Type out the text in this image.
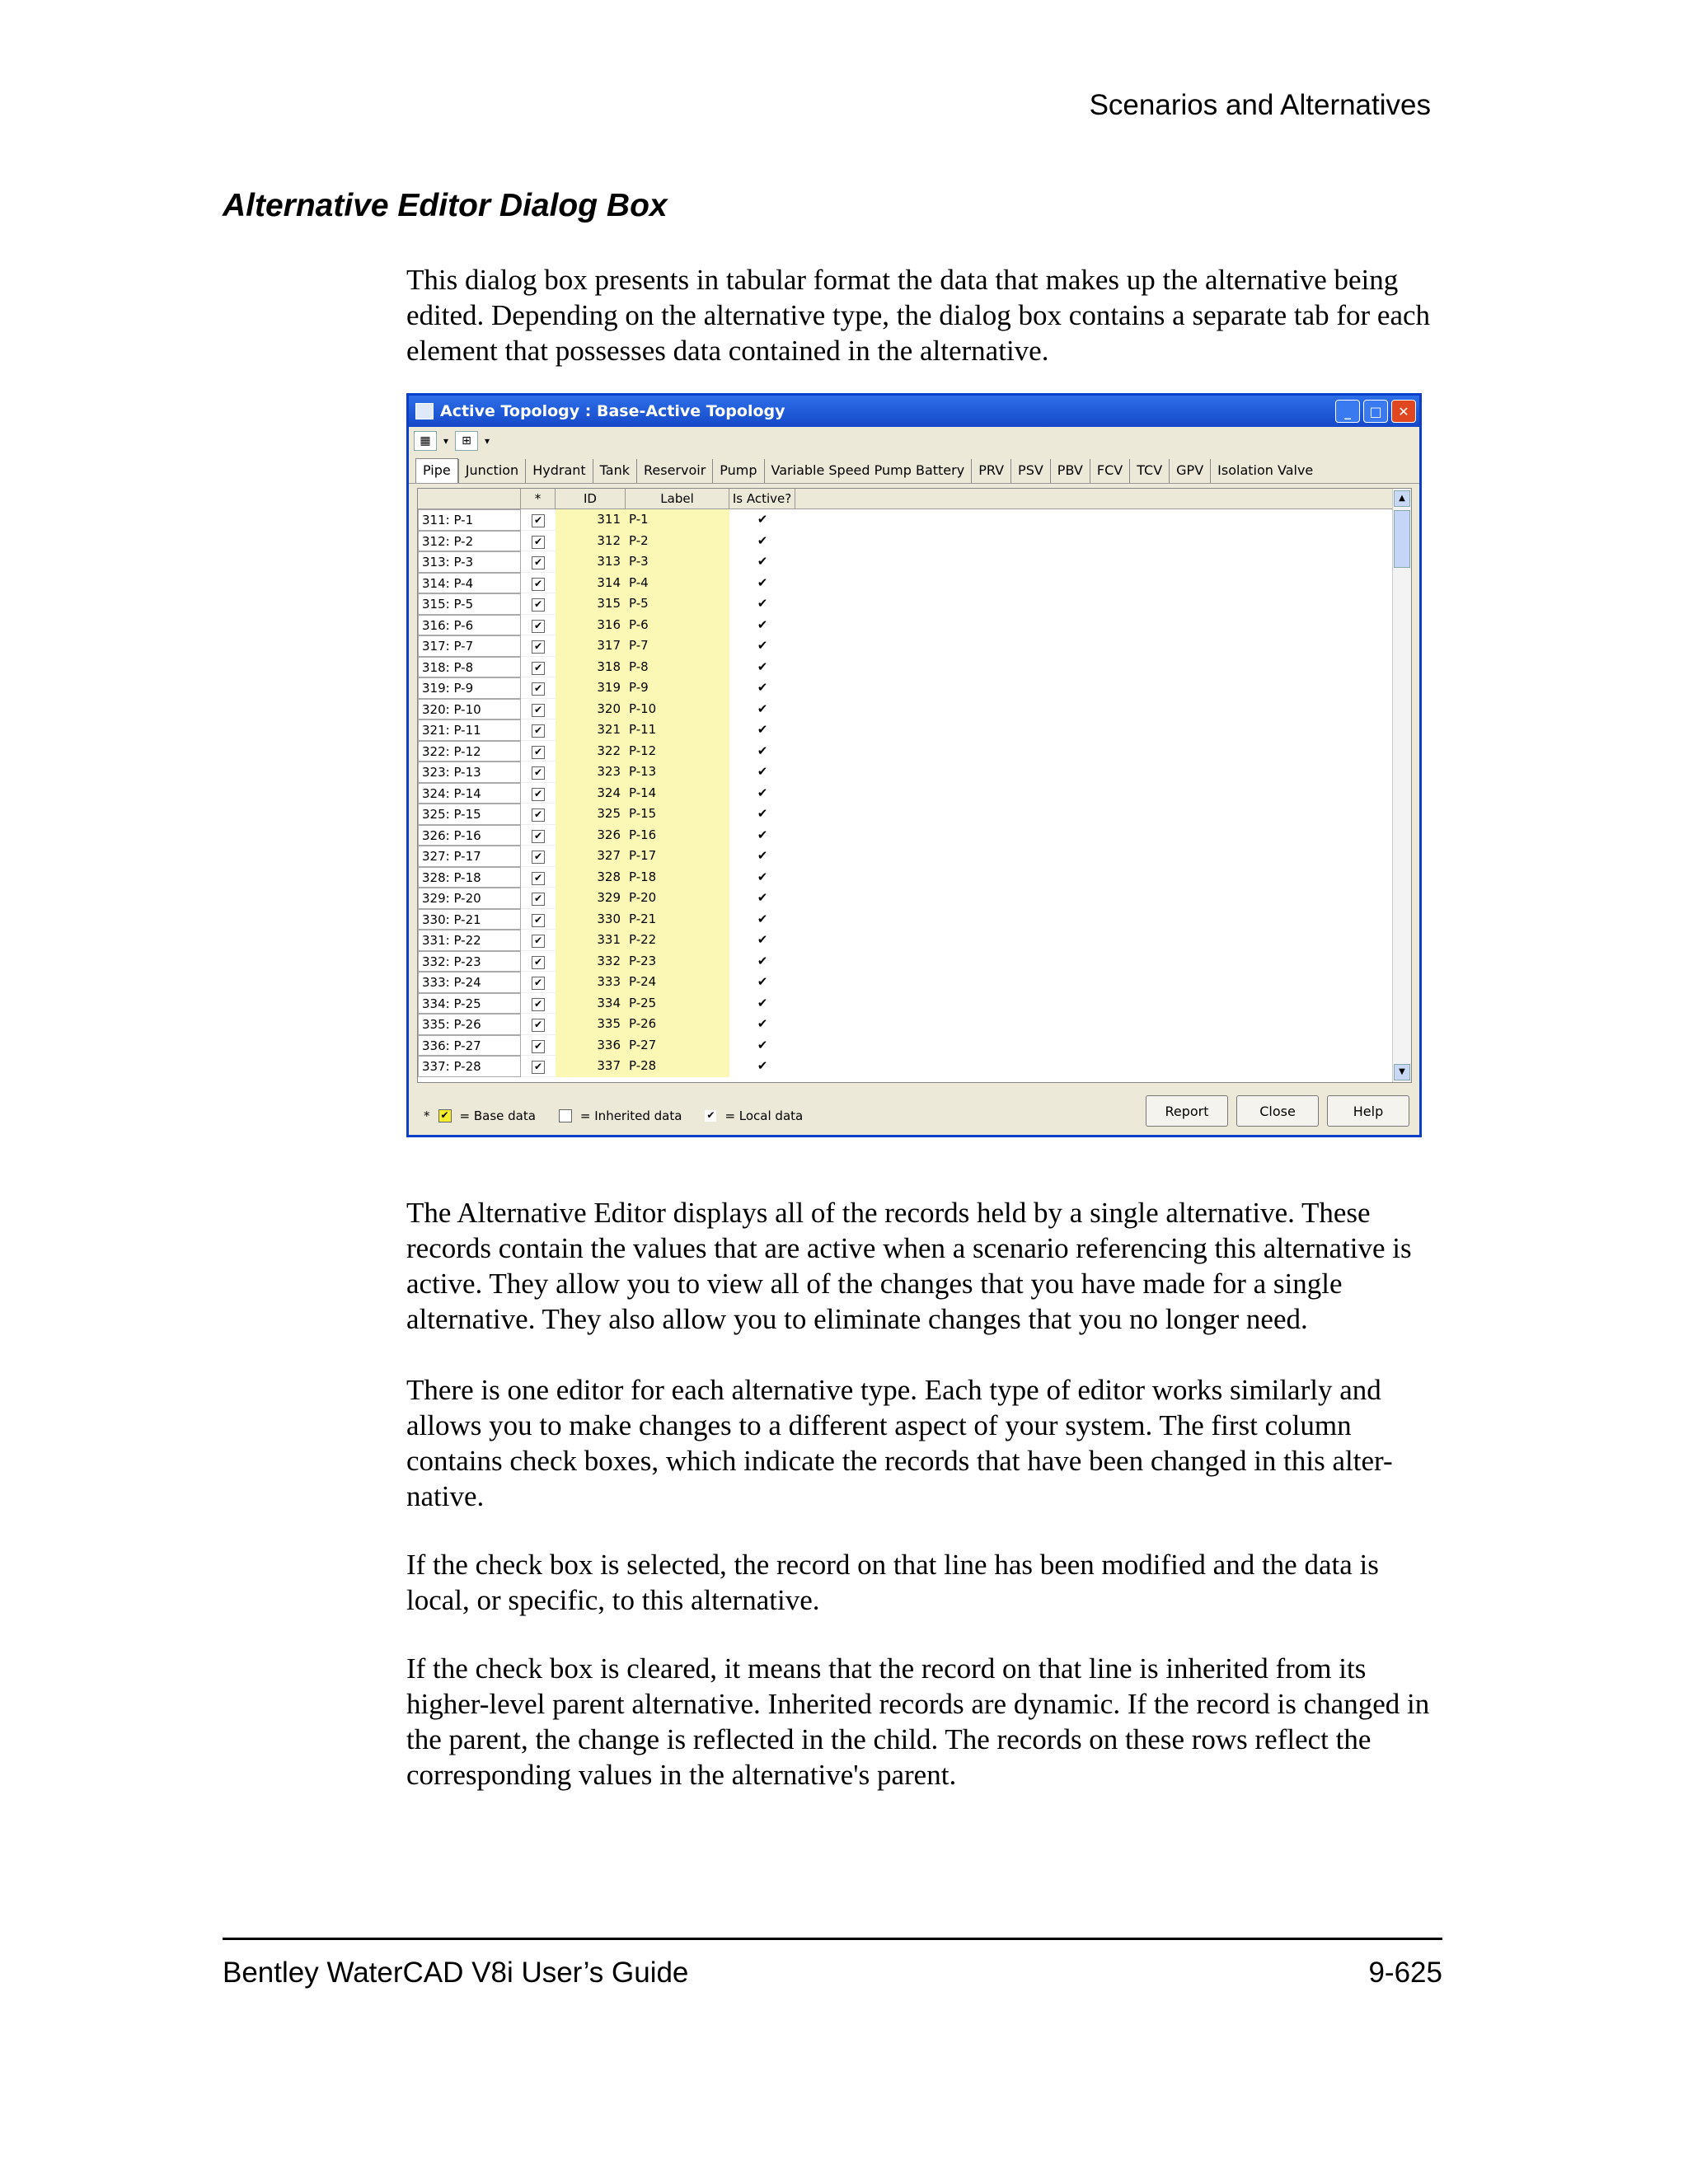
Scenarios and Alternatives
Alternative Editor Dialog Box

This dialog box presents in tabular format the data that makes up the alternative being edited. Depending on the alternative type, the dialog box contains a separate tab for each element that possesses data contained in the alternative.

Active Topology : Base-Active Topology	_	□	✕
▦	▾	⊞	▾
Pipe	Junction	Hydrant	Tank	Reservoir	Pump	Variable Speed Pump Battery	PRV	PSV	PBV	FCV	TCV	GPV	Isolation Valve
*	ID	Label	Is Active?
311: P-1	✔	311 P-1	✔
312: P-2	✔	312 P-2	✔
313: P-3	✔	313 P-3	✔
314: P-4	✔	314 P-4	✔
315: P-5	✔	315 P-5	✔
316: P-6	✔	316 P-6	✔
317: P-7	✔	317 P-7	✔
318: P-8	✔	318 P-8	✔
319: P-9	✔	319 P-9	✔
320: P-10	✔	320 P-10	✔
321: P-11	✔	321 P-11	✔
322: P-12	✔	322 P-12	✔
323: P-13	✔	323 P-13	✔
324: P-14	✔	324 P-14	✔
325: P-15	✔	325 P-15	✔
326: P-16	✔	326 P-16	✔
327: P-17	✔	327 P-17	✔
328: P-18	✔	328 P-18	✔
329: P-20	✔	329 P-20	✔
330: P-21	✔	330 P-21	✔
331: P-22	✔	331 P-22	✔
332: P-23	✔	332 P-23	✔
333: P-24	✔	333 P-24	✔
334: P-25	✔	334 P-25	✔
335: P-26	✔	335 P-26	✔
336: P-27	✔	336 P-27	✔
337: P-28	✔	337 P-28	✔
▲
▼
* ✔ = Base data	= Inherited data ✔ = Local data	Report	Close	Help

The Alternative Editor displays all of the records held by a single alternative. These records contain the values that are active when a scenario referencing this alternative is active. They allow you to view all of the changes that you have made for a single alternative. They also allow you to eliminate changes that you no longer need.

There is one editor for each alternative type. Each type of editor works similarly and allows you to make changes to a different aspect of your system. The first column contains check boxes, which indicate the records that have been changed in this alter-native.

If the check box is selected, the record on that line has been modified and the data is local, or specific, to this alternative.

If the check box is cleared, it means that the record on that line is inherited from its higher-level parent alternative. Inherited records are dynamic. If the record is changed in the parent, the change is reflected in the child. The records on these rows reflect the corresponding values in the alternative's parent.

Bentley WaterCAD V8i User’s Guide	9-625
